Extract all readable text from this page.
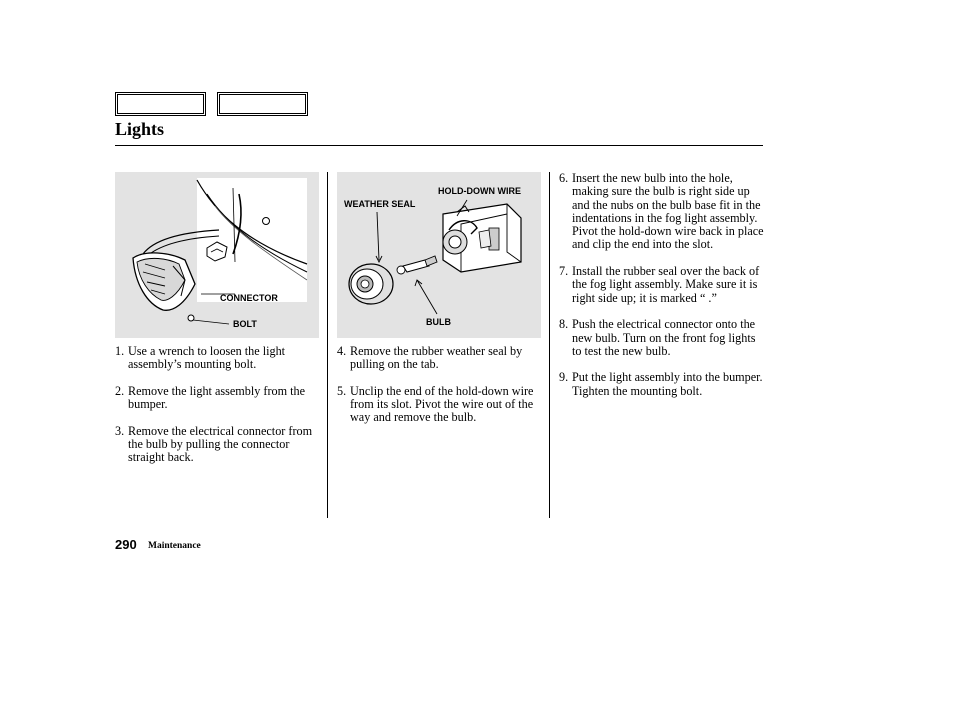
Lights
CONNECTOR
BOLT
HOLD-DOWN WIRE
WEATHER SEAL
BULB
1. Use a wrench to loosen the light assembly’s mounting bolt.
2. Remove the light assembly from the bumper.
3. Remove the electrical connector from the bulb by pulling the connector straight back.
4. Remove the rubber weather seal by pulling on the tab.
5. Unclip the end of the hold-down wire from its slot. Pivot the wire out of the way and remove the bulb.
6. Insert the new bulb into the hole, making sure the bulb is right side up and the nubs on the bulb base fit in the indentations in the fog light assembly. Pivot the hold-down wire back in place and clip the end into the slot.
7. Install the rubber seal over the back of the fog light assembly. Make sure it is right side up; it is marked “ .”
8. Push the electrical connector onto the new bulb. Turn on the front fog lights to test the new bulb.
9. Put the light assembly into the bumper. Tighten the mounting bolt.
290 Maintenance
